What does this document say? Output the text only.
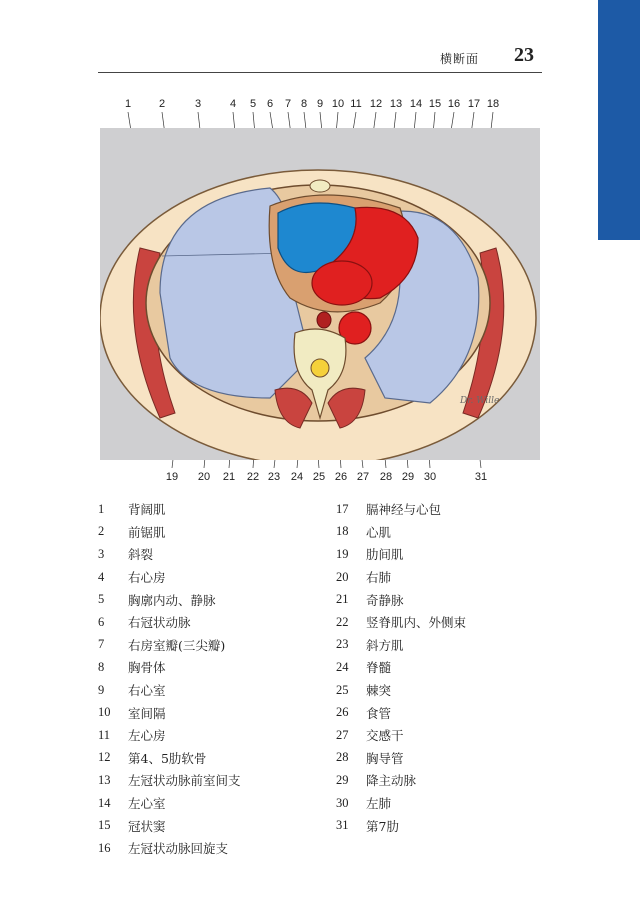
横断面 23
1	2	3	4 5 6 7 8 9 10 11 12 13 14 15 16 17 18
19 20 21 22 23 24 25 26 27 28 29 30	31
Dr. Wille
1	背阔肌
2	前锯肌
3	斜裂
4	右心房
5	胸廓内动、静脉
6	右冠状动脉
7	右房室瓣(三尖瓣)
8	胸骨体
9	右心室
10	室间隔
11	左心房
12	第4、5肋软骨
13	左冠状动脉前室间支
14	左心室
15	冠状窦
16	左冠状动脉回旋支
17	膈神经与心包
18	心肌
19	肋间肌
20	右肺
21	奇静脉
22	竖脊肌内、外侧束
23	斜方肌
24	脊髓
25	棘突
26	食管
27	交感干
28	胸导管
29	降主动脉
30	左肺
31	第7肋
